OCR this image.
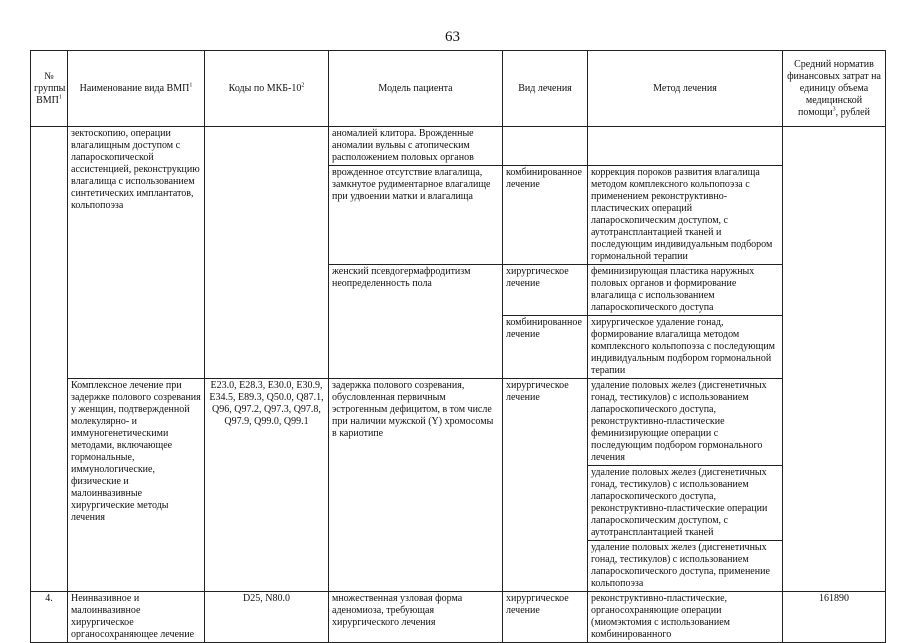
63
№ группы ВМП$^1$	Наименование вида ВМП$^1$	Коды по МКБ-$10^2$	Модель пациента	Вид лечения	Метод лечения	Средний норматив финансовых затрат на единицу объема медицинской помощи$^3$, рублей
	зектоскопию, операции влагалищным доступом с лапароскопической ассистенцией, реконструкцию влагалища с использованием синтетических имплантатов, кольпопоэза		аномалией клитора. Врожденные аномалии вульвы с атопическим расположением половых органов			
			врожденное отсутствие влагалища, замкнутое рудиментарное влагалище при удвоении матки и влагалища	комбинированное лечение	коррекция пороков развития влагалища методом комплексного кольпопоэза с применением реконструктивно-пластических операций лапароскопическим доступом, с аутотрансплантацией тканей и последующим индивидуальным подбором гормональной терапии	
			женский псевдогермафродитизм неопределенность пола	хирургическое лечение	феминизирующая пластика наружных половых органов и формирование влагалища с использованием лапароскопического доступа	
				комбинированное лечение	хирургическое удаление гонад, формирование влагалища методом комплексного кольпопоэза с последующим индивидуальным подбором гормональной терапии	
	Комплексное лечение при задержке полового созревания у женщин, подтвержденной молекулярно- и иммуногенетическими методами, включающее гормональные, иммунологические, физические и малоинвазивные хирургические методы лечения	E23.0, E28.3, E30.0, E30.9, E34.5, E89.3, Q50.0, Q87.1, Q96, Q97.2, Q97.3, Q97.8, Q97.9, Q99.0, Q99.1	задержка полового созревания, обусловленная первичным эстрогенным дефицитом, в том числе при наличии мужской (Y) хромосомы в кариотипе	хирургическое лечение	удаление половых желез (дисгенетичных гонад, тестикулов) с использованием лапароскопического доступа, реконструктивно-пластические феминизирующие операции с последующим подбором гормонального лечения	
					удаление половых желез (дисгенетичных гонад, тестикулов) с использованием лапароскопического доступа, реконструктивно-пластические операции лапароскопическим доступом, с аутотрансплантацией тканей	
					удаление половых желез (дисгенетичных гонад, тестикулов) с использованием лапароскопического доступа, применение кольпопоэза	
4.	Неинвазивное и малоинвазивное хирургическое органосохраняющее лечение	D25, N80.0	множественная узловая форма аденомиоза, требующая хирургического лечения	хирургическое лечение	реконструктивно-пластические, органосохраняющие операции (миомэктомия с использованием комбинированного	161890
